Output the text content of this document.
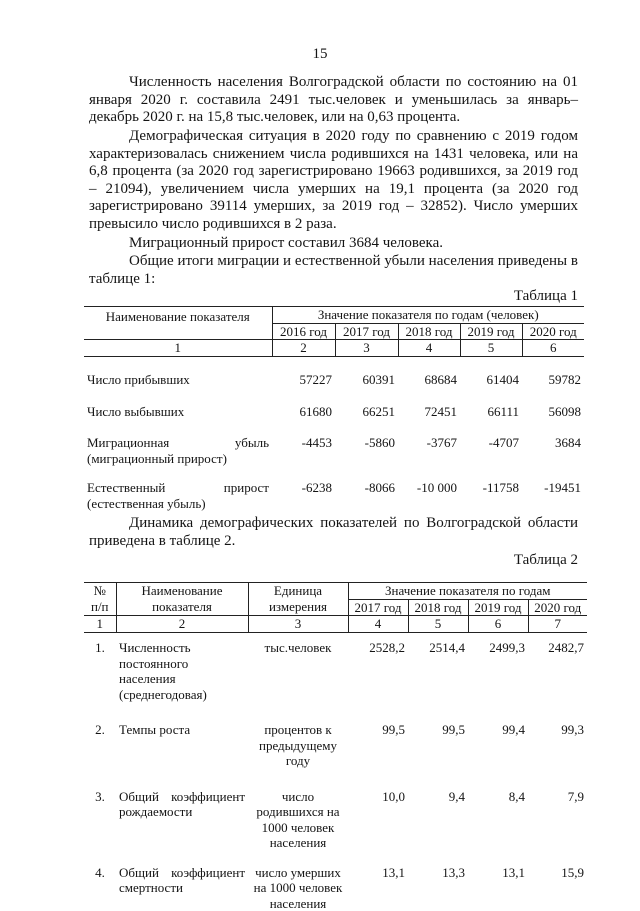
15

Численность населения Волгоградской области по состоянию на 01 января 2020 г. составила 2491 тыс.человек и уменьшилась за январь–декабрь 2020 г. на 15,8 тыс.человек, или на 0,63 процента.

Демографическая ситуация в 2020 году по сравнению с 2019 годом характеризовалась снижением числа родившихся на 1431 человека, или на 6,8 процента (за 2020 год зарегистрировано 19663 родившихся, за 2019 год – 21094), увеличением числа умерших на 19,1 процента (за 2020 год зарегистрировано 39114 умерших, за 2019 год – 32852). Число умерших превысило число родившихся в 2 раза.

Миграционный прирост составил 3684 человека.

Общие итоги миграции и естественной убыли населения приведены в таблице 1:

Таблица 1
Наименование показателя	Значение показателя по годам (человек)				
	2016 год	2017 год	2018 год	2019 год	2020 год
1	2	3	4	5	6

Число прибывших	57227	60391	68684	61404	59782

Число выбывших	61680	66251	72451	66111	56098

Миграционная убыль (миграционный прирост)	-4453	-5860	-3767	-4707	3684

Естественный прирост (естественная убыль)	-6238	-8066	-10 000	-11758	-19451

Динамика демографических показателей по Волгоградской области приведена в таблице 2.

Таблица 2
№ п/п	Наименование показателя	Единица измерения	Значение показателя по годам			
			2017 год	2018 год	2019 год	2020 год
1	2	3	4	5	6	7

1.	Численность постоянного населения (среднегодовая)	тыс.человек	2528,2	2514,4	2499,3	2482,7

2.	Темпы роста	процентов к предыдущему году	99,5	99,5	99,4	99,3

3.	Общий коэффициент рождаемости	число родившихся на 1000 человек населения	10,0	9,4	8,4	7,9

4.	Общий коэффициент смертности	число умерших на 1000 человек населения	13,1	13,3	13,1	15,9
